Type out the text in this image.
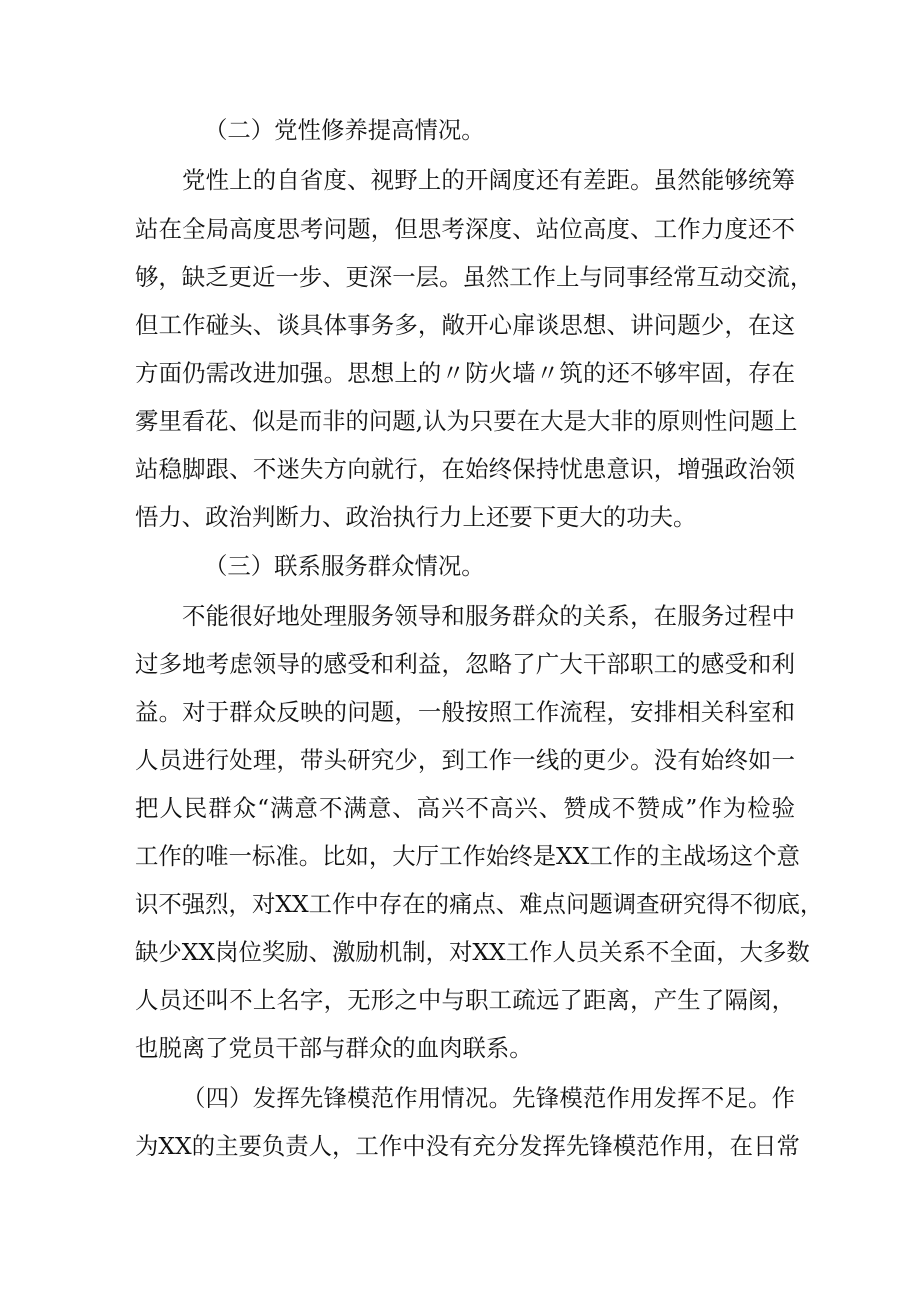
（二）党性修养提高情况。
党性上的自省度、视野上的开阔度还有差距。虽然能够统筹
站在全局高度思考问题，但思考深度、站位高度、工作力度还不
够，缺乏更近一步、更深一层。虽然工作上与同事经常互动交流，
但工作碰头、谈具体事务多，敞开心扉谈思想、讲问题少，在这
方面仍需改进加强。思想上的〃防火墙〃筑的还不够牢固，存在
雾里看花、似是而非的问题,认为只要在大是大非的原则性问题上
站稳脚跟、不迷失方向就行，在始终保持忧患意识，增强政治领
悟力、政治判断力、政治执行力上还要下更大的功夫。
（三）联系服务群众情况。
不能很好地处理服务领导和服务群众的关系，在服务过程中
过多地考虑领导的感受和利益，忽略了广大干部职工的感受和利
益。对于群众反映的问题，一般按照工作流程，安排相关科室和
人员进行处理，带头研究少，到工作一线的更少。没有始终如一
把人民群众“满意不满意、高兴不高兴、赞成不赞成”作为检验
工作的唯一标准。比如，大厅工作始终是XX工作的主战场这个意
识不强烈，对XX工作中存在的痛点、难点问题调查研究得不彻底，
缺少XX岗位奖励、激励机制，对XX工作人员关系不全面，大多数
人员还叫不上名字，无形之中与职工疏远了距离，产生了隔阂，
也脱离了党员干部与群众的血肉联系。
（四）发挥先锋模范作用情况。先锋模范作用发挥不足。作
为XX的主要负责人，工作中没有充分发挥先锋模范作用，在日常
